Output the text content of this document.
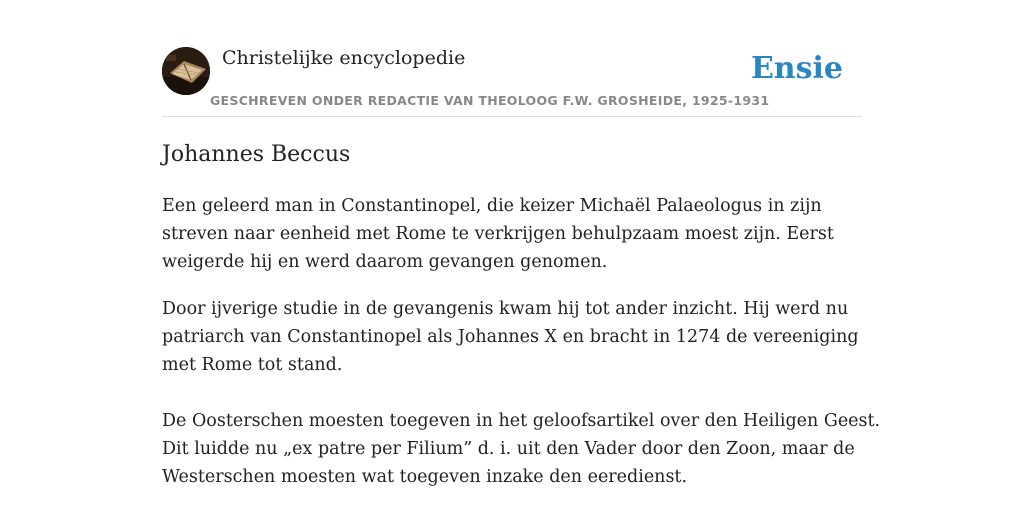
Christelijke encyclopedie
GESCHREVEN ONDER REDACTIE VAN THEOLOOG F.W. GROSHEIDE, 1925-1931
Ensie
Johannes Beccus
Een geleerd man in Constantinopel, die keizer Michaël Palaeologus in zijn
streven naar eenheid met Rome te verkrijgen behulpzaam moest zijn. Eerst
weigerde hij en werd daarom gevangen genomen.
Door ijverige studie in de gevangenis kwam hij tot ander inzicht. Hij werd nu
patriarch van Constantinopel als Johannes X en bracht in 1274 de vereeniging
met Rome tot stand.
De Oosterschen moesten toegeven in het geloofsartikel over den Heiligen Geest.
Dit luidde nu „ex patre per Filium” d. i. uit den Vader door den Zoon, maar de
Westerschen moesten wat toegeven inzake den eeredienst.
